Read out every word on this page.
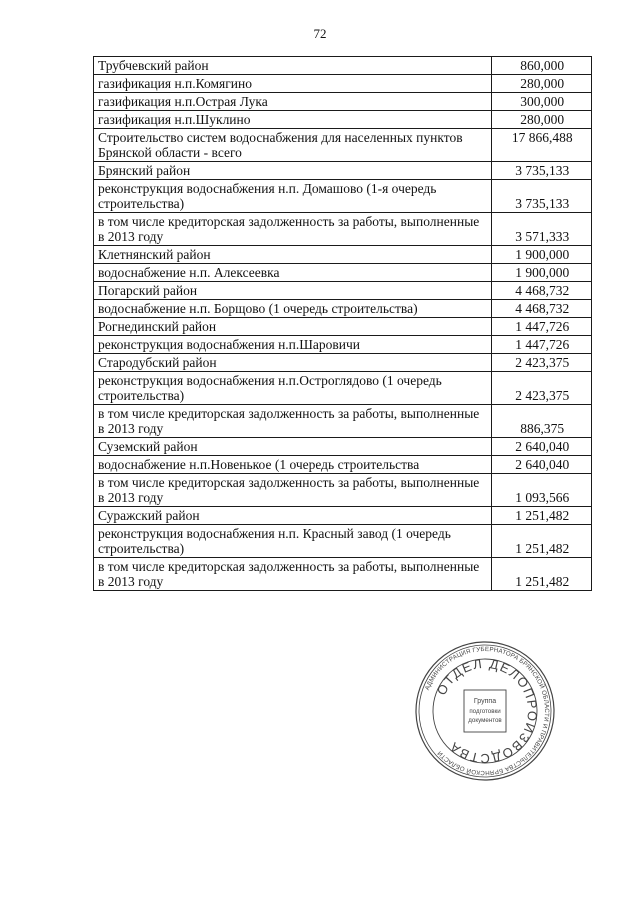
72
Трубчевский район	860,000
газификация н.п.Комягино	280,000
газификация н.п.Острая Лука	300,000
газификация н.п.Шуклино	280,000
Строительство систем водоснабжения для населенных пунктов Брянской области - всего	17 866,488
Брянский район	3 735,133
реконструкция водоснабжения н.п. Домашово (1-я очередь строительства)	3 735,133
в том числе кредиторская задолженность за работы, выполненные в 2013 году	3 571,333
Клетнянский район	1 900,000
водоснабжение н.п. Алексеевка	1 900,000
Погарский район	4 468,732
водоснабжение н.п. Борщово (1 очередь строительства)	4 468,732
Рогнединский район	1 447,726
реконструкция водоснабжения н.п.Шаровичи	1 447,726
Стародубский район	2 423,375
реконструкция водоснабжения н.п.Остроглядово (1 очередь строительства)	2 423,375
в том числе кредиторская задолженность за работы, выполненные в 2013 году	886,375
Суземский район	2 640,040
водоснабжение н.п.Новенькое (1 очередь строительства	2 640,040
в том числе кредиторская задолженность за работы, выполненные в 2013 году	1 093,566
Суражский район	1 251,482
реконструкция водоснабжения н.п. Красный завод (1 очередь строительства)	1 251,482
в том числе кредиторская задолженность за работы, выполненные в 2013 году	1 251,482
АДМИНИСТРАЦИЯ ГУБЕРНАТОРА БРЯНСКОЙ ОБЛАСТИ И ПРАВИТЕЛЬСТВА БРЯНСКОЙ ОБЛАСТИ
ОТДЕЛ ДЕЛОПРОИЗВОДСТВА
Группа
подготовки
документов
